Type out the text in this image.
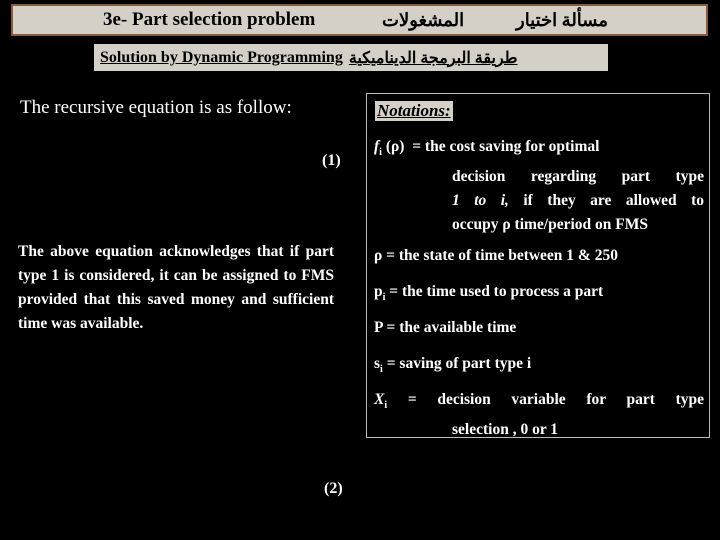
3e- Part selection problem	المشغولات	مسألة اختيار
Solution by Dynamic Programming طريقة البرمجة الديناميكية
The recursive equation is as follow:
(1)
The above equation acknowledges that if part type 1 is considered, it can be assigned to FMS provided that this saved money and sufficient time was available.
(2)
Notations:
$f_i$ (ρ) = the cost saving for optimal
decision regarding part type
1 to i, if they are allowed to
occupy ρ time/period on FMS
ρ = the state of time between 1 & 250
$p_i$ = the time used to process a part
P = the available time
$s_i$ = saving of part type i
$X_i$ = decision variable for part type
selection , 0 or 1
